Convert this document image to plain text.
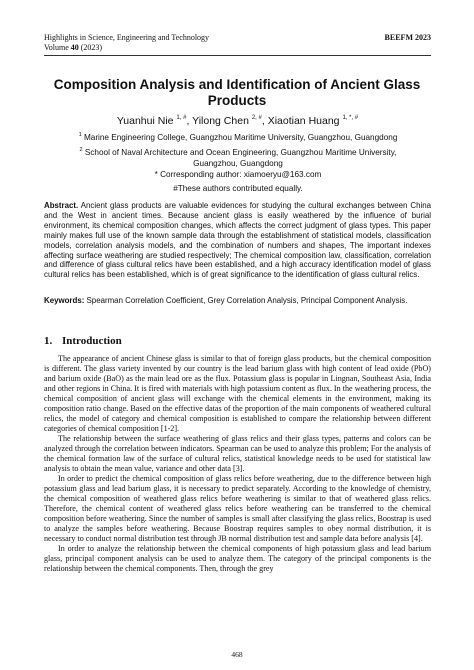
Highlights in Science, Engineering and Technology	BEEFM 2023
Volume 40 (2023)
Composition Analysis and Identification of Ancient Glass Products
Yuanhui Nie $^{1, \#}$, Yilong Chen $^{2, \#}$, Xiaotian Huang $^{1, *, \#}$
$^1$ Marine Engineering College, Guangzhou Maritime University, Guangzhou, Guangdong
$^2$ School of Naval Architecture and Ocean Engineering, Guangzhou Maritime University, Guangzhou, Guangdong
* Corresponding author: xiamoeryu@163.com
#These authors contributed equally.
Abstract. Ancient glass products are valuable evidences for studying the cultural exchanges between China and the West in ancient times. Because ancient glass is easily weathered by the influence of burial environment, its chemical composition changes, which affects the correct judgment of glass types. This paper mainly makes full use of the known sample data through the establishment of statistical models, classification models, correlation analysis models, and the combination of numbers and shapes, The important indexes affecting surface weathering are studied respectively; The chemical composition law, classification, correlation and difference of glass cultural relics have been established, and a high accuracy identification model of glass cultural relics has been established, which is of great significance to the identification of glass cultural relics.
Keywords: Spearman Correlation Coefficient, Grey Correlation Analysis, Principal Component Analysis.
1. Introduction

The appearance of ancient Chinese glass is similar to that of foreign glass products, but the chemical composition is different. The glass variety invented by our country is the lead barium glass with high content of lead oxide (PbO) and barium oxide (BaO) as the main lead ore as the flux. Potassium glass is popular in Lingnan, Southeast Asia, India and other regions in China. It is fired with materials with high potassium content as flux. In the weathering process, the chemical composition of ancient glass will exchange with the chemical elements in the environment, making its composition ratio change. Based on the effective datas of the proportion of the main components of weathered cultural relics, the model of category and chemical composition is established to compare the relationship between different categories of chemical composition [1-2].

The relationship between the surface weathering of glass relics and their glass types, patterns and colors can be analyzed through the correlation between indicators. Spearman can be used to analyze this problem; For the analysis of the chemical formation law of the surface of cultural relics, statistical knowledge needs to be used for statistical law analysis to obtain the mean value, variance and other data [3].

In order to predict the chemical composition of glass relics before weathering, due to the difference between high potassium glass and lead barium glass, it is necessary to predict separately. According to the knowledge of chemistry, the chemical composition of weathered glass relics before weathering is similar to that of weathered glass relics. Therefore, the chemical content of weathered glass relics before weathering can be transferred to the chemical composition before weathering. Since the number of samples is small after classifying the glass relics, Boostrap is used to analyze the samples before weathering. Because Boostrap requires samples to obey normal distribution, it is necessary to conduct normal distribution test through JB normal distribution test and sample data before analysis [4].

In order to analyze the relationship between the chemical components of high potassium glass and lead barium glass, principal component analysis can be used to analyze them. The category of the principal components is the relationship between the chemical components. Then, through the grey

468
